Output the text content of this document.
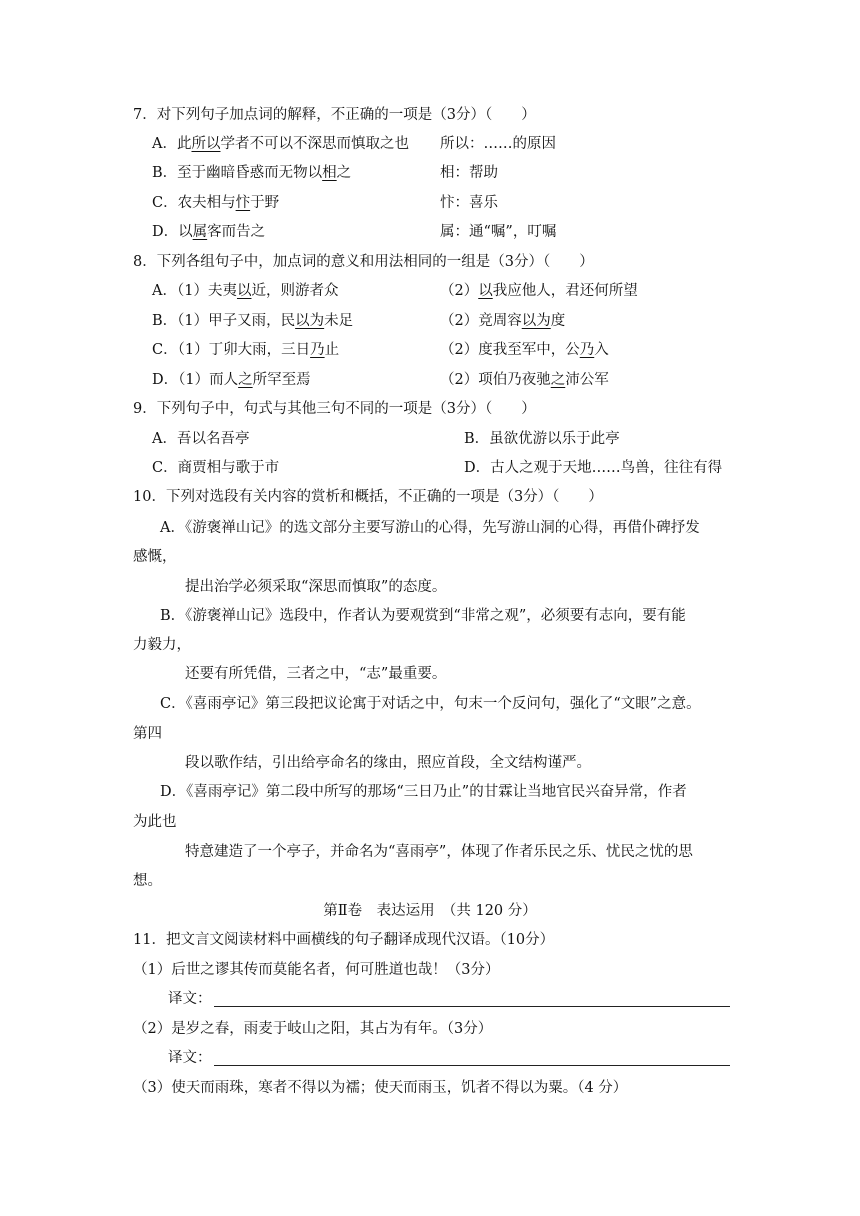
7．对下列句子加点词的解释，不正确的一项是（3分）（　　）
A．此所以学者不可以不深思而慎取之也 所以：……的原因
B．至于幽暗昏惑而无物以相之	相：帮助
C．农夫相与忭于野	忭：喜乐
D．以属客而告之	属：通“嘱”，叮嘱
8．下列各组句子中，加点词的意义和用法相同的一组是（3分）（　　）
A．（1）夫夷以近，则游者众	（2）以我应他人，君还何所望
B．（1）甲子又雨，民以为未足	（2）竞周容以为度
C．（1）丁卯大雨，三日乃止	（2）度我至军中，公乃入
D．（1）而人之所罕至焉	（2）项伯乃夜驰之沛公军
9．下列句子中，句式与其他三句不同的一项是（3分）（　　）
A．吾以名吾亭	B．虽欲优游以乐于此亭
C．商贾相与歌于市	D．古人之观于天地……鸟兽，往往有得
10．下列对选段有关内容的赏析和概括，不正确的一项是（3分）（　　）
A．《游褒禅山记》的选文部分主要写游山的心得，先写游山洞的心得，再借仆碑抒发
感慨，
提出治学必须采取“深思而慎取”的态度。
B．《游褒禅山记》选段中，作者认为要观赏到“非常之观”，必须要有志向，要有能
力毅力，
还要有所凭借，三者之中，“志”最重要。
C．《喜雨亭记》第三段把议论寓于对话之中，句末一个反问句，强化了“文眼”之意。
第四
段以歌作结，引出给亭命名的缘由，照应首段，全文结构谨严。
D．《喜雨亭记》第二段中所写的那场“三日乃止”的甘霖让当地官民兴奋异常，作者
为此也
特意建造了一个亭子，并命名为“喜雨亭”，体现了作者乐民之乐、忧民之忧的思
想。
第Ⅱ卷　表达运用　（共 120 分）
11．把文言文阅读材料中画横线的句子翻译成现代汉语。（10分）
（1）后世之谬其传而莫能名者，何可胜道也哉！（3分）
译文：
（2）是岁之春，雨麦于岐山之阳，其占为有年。（3分）
译文：
（3）使天而雨珠，寒者不得以为襦；使天而雨玉，饥者不得以为粟。（4 分）
